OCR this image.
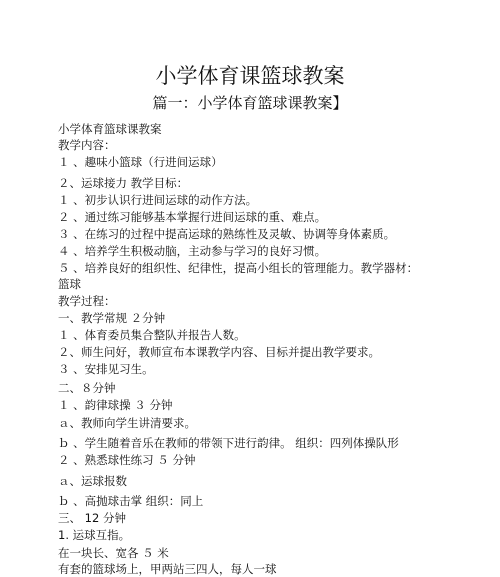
小学体育课篮球教案
篇一：小学体育篮球课教案】
小学体育篮球课教案
教学内容：
１ 、趣味小篮球（行进间运球）
２、运球接力 教学目标：
１ 、初步认识行进间运球的动作方法。
２ 、通过练习能够基本掌握行进间运球的重、难点。
３ 、在练习的过程中提高运球的熟练性及灵敏、协调等身体素质。
４ 、培养学生积极动脑，主动参与学习的良好习惯。
５ 、培养良好的组织性、纪律性，提高小组长的管理能力。教学器材： 篮球
教学过程：
一、教学常规 ２分钟
１ 、体育委员集合整队并报告人数。
２、师生问好，教师宣布本课教学内容、目标并提出教学要求。
３ 、安排见习生。
二、８分钟
１ 、韵律球操 ３ 分钟
ａ、教师向学生讲清要求。
ｂ 、学生随着音乐在教师的带领下进行韵律。 组织：四列体操队形
２ 、熟悉球性练习 ５ 分钟
ａ、运球报数
ｂ 、高抛球击掌 组织：同上
三、 12 分钟
1. 运球互指。
在一块长、宽各 ５ 米
有套的篮球场上，甲两站三四人，每人一球
